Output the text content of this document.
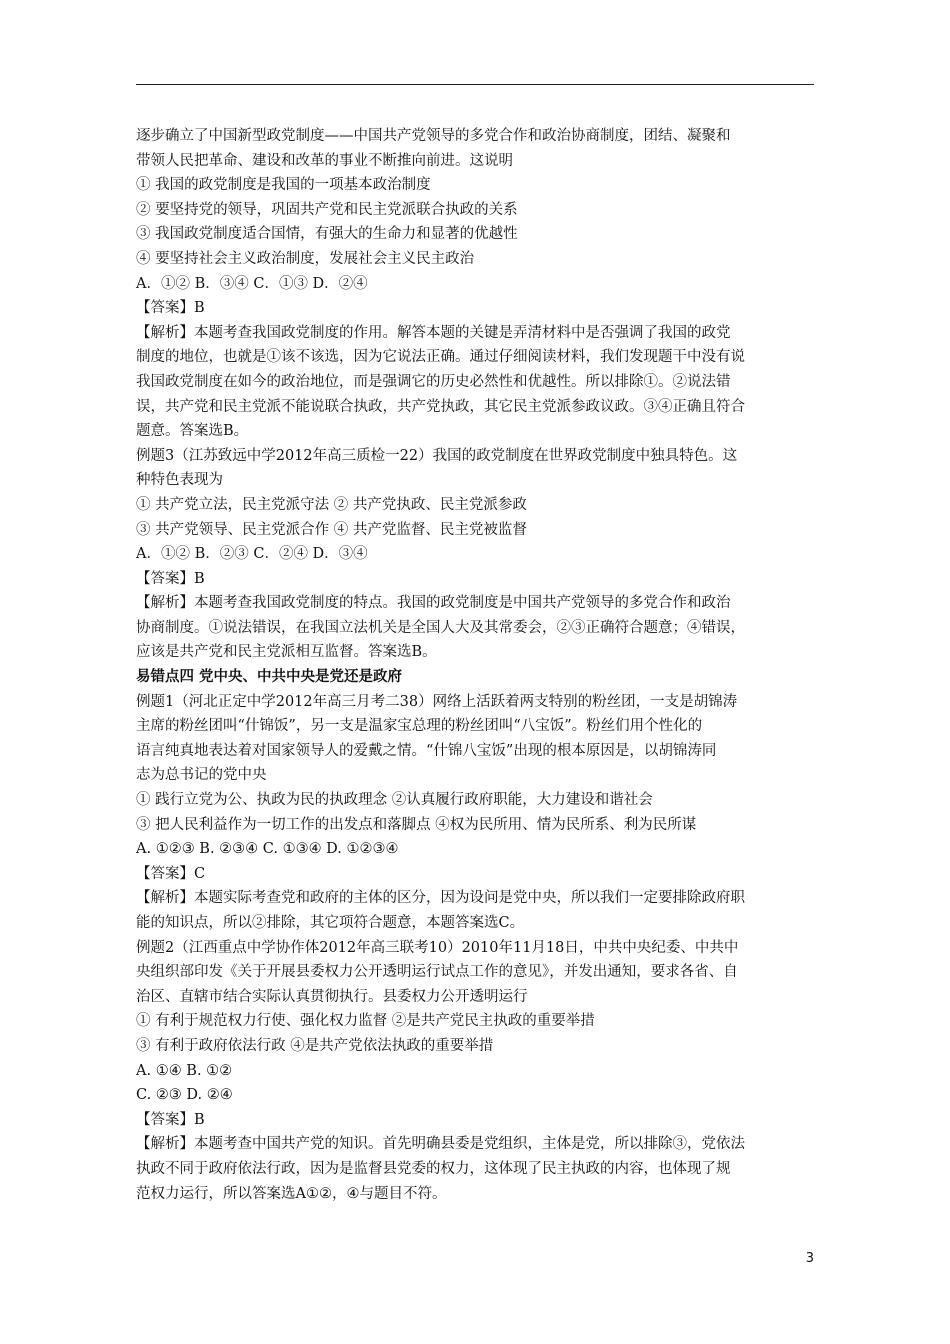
逐步确立了中国新型政党制度——中国共产党领导的多党合作和政治协商制度，团结、凝聚和
带领人民把革命、建设和改革的事业不断推向前进。这说明
① 我国的政党制度是我国的一项基本政治制度
② 要坚持党的领导，巩固共产党和民主党派联合执政的关系
③ 我国政党制度适合国情，有强大的生命力和显著的优越性
④ 要坚持社会主义政治制度，发展社会主义民主政治
A．①② B．③④ C．①③ D．②④
【答案】B
【解析】本题考查我国政党制度的作用。解答本题的关键是弄清材料中是否强调了我国的政党
制度的地位，也就是①该不该选，因为它说法正确。通过仔细阅读材料，我们发现题干中没有说
我国政党制度在如今的政治地位，而是强调它的历史必然性和优越性。所以排除①。②说法错
误，共产党和民主党派不能说联合执政，共产党执政，其它民主党派参政议政。③④正确且符合
题意。答案选B。
例题3（江苏致远中学2012年高三质检一22）我国的政党制度在世界政党制度中独具特色。这
种特色表现为
① 共产党立法，民主党派守法 ② 共产党执政、民主党派参政
③ 共产党领导、民主党派合作 ④ 共产党监督、民主党被监督
A．①② B．②③ C．②④ D．③④
【答案】B
【解析】本题考查我国政党制度的特点。我国的政党制度是中国共产党领导的多党合作和政治
协商制度。①说法错误，在我国立法机关是全国人大及其常委会，②③正确符合题意；④错误，
应该是共产党和民主党派相互监督。答案选B。
易错点四 党中央、中共中央是党还是政府
例题1（河北正定中学2012年高三月考二38）网络上活跃着两支特别的粉丝团，一支是胡锦涛
主席的粉丝团叫“什锦饭”，另一支是温家宝总理的粉丝团叫“八宝饭”。粉丝们用个性化的
语言纯真地表达着对国家领导人的爱戴之情。“什锦八宝饭”出现的根本原因是，以胡锦涛同
志为总书记的党中央
① 践行立党为公、执政为民的执政理念 ②认真履行政府职能，大力建设和谐社会
③ 把人民利益作为一切工作的出发点和落脚点 ④权为民所用、情为民所系、利为民所谋
A. ①②③ B. ②③④ C. ①③④ D. ①②③④
【答案】C
【解析】本题实际考查党和政府的主体的区分，因为设问是党中央，所以我们一定要排除政府职
能的知识点，所以②排除，其它项符合题意，本题答案选C。
例题2（江西重点中学协作体2012年高三联考10）2010年11月18日，中共中央纪委、中共中
央组织部印发《关于开展县委权力公开透明运行试点工作的意见》，并发出通知，要求各省、自
治区、直辖市结合实际认真贯彻执行。县委权力公开透明运行
① 有利于规范权力行使、强化权力监督 ②是共产党民主执政的重要举措
③ 有利于政府依法行政 ④是共产党依法执政的重要举措
A. ①④ B. ①②
C. ②③ D. ②④
【答案】B
【解析】本题考查中国共产党的知识。首先明确县委是党组织，主体是党，所以排除③，党依法
执政不同于政府依法行政，因为是监督县党委的权力，这体现了民主执政的内容，也体现了规
范权力运行，所以答案选A①②，④与题目不符。
3
